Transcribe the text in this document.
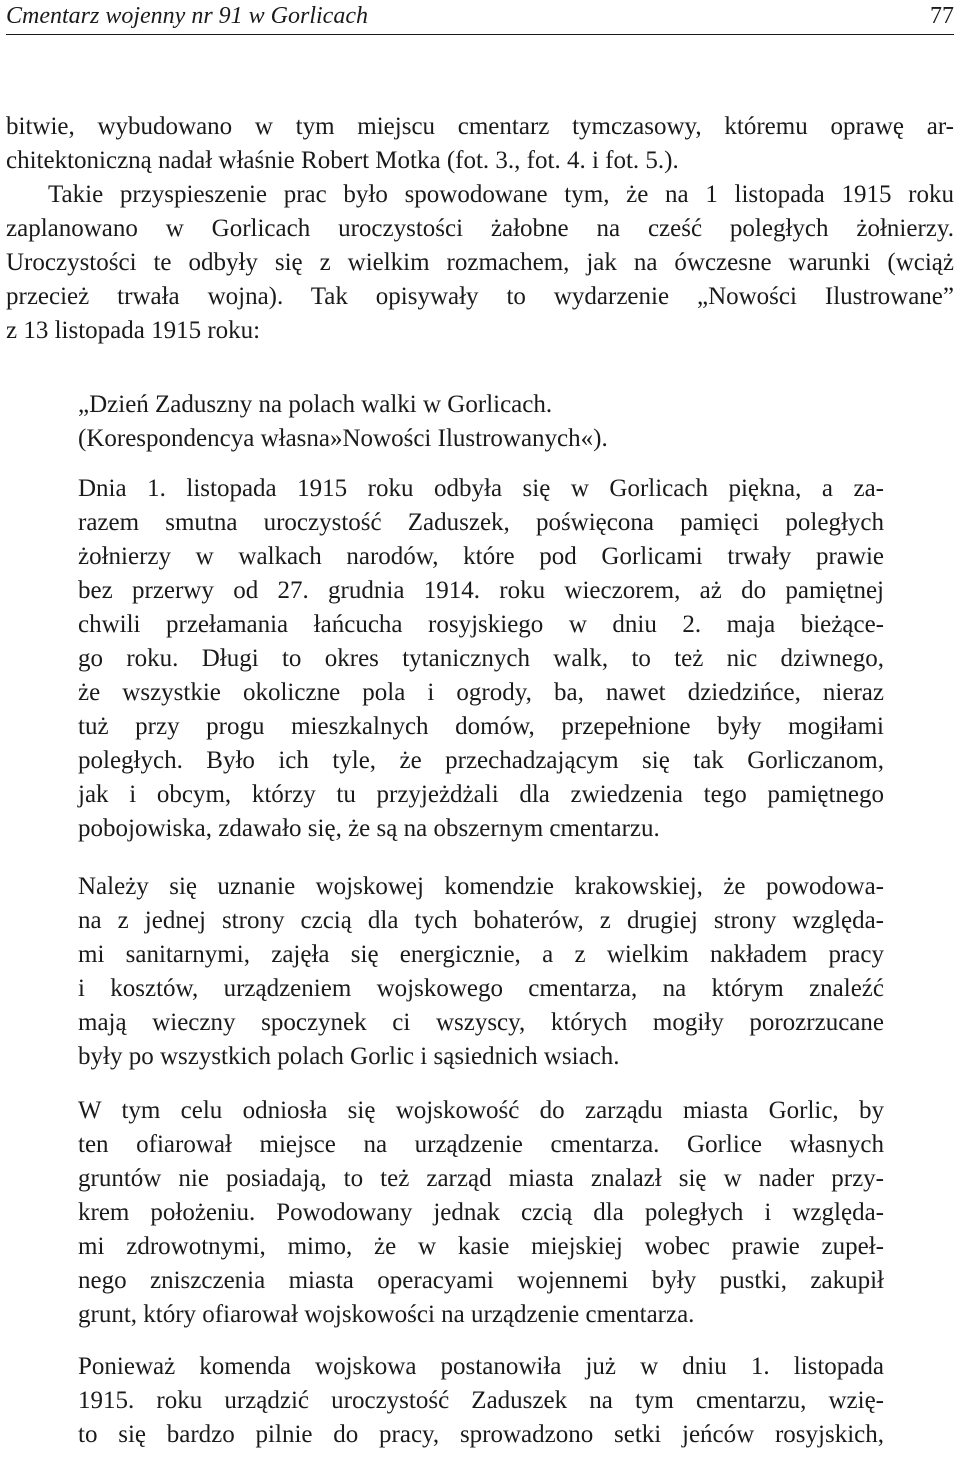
Cmentarz wojenny nr 91 w Gorlicach	77
bitwie, wybudowano w tym miejscu cmentarz tymczasowy, któremu oprawę ar-
chitektoniczną nadał właśnie Robert Motka (fot. 3., fot. 4. i fot. 5.).
Takie przyspieszenie prac było spowodowane tym, że na 1 listopada 1915 roku
zaplanowano w Gorlicach uroczystości żałobne na cześć poległych żołnierzy.
Uroczystości te odbyły się z wielkim rozmachem, jak na ówczesne warunki (wciąż
przecież trwała wojna). Tak opisywały to wydarzenie „Nowości Ilustrowane”
z 13 listopada 1915 roku:
„Dzień Zaduszny na polach walki w Gorlicach.
(Korespondencya własna»Nowości Ilustrowanych«).
Dnia 1. listopada 1915 roku odbyła się w Gorlicach piękna, a za-
razem smutna uroczystość Zaduszek, poświęcona pamięci poległych
żołnierzy w walkach narodów, które pod Gorlicami trwały prawie
bez przerwy od 27. grudnia 1914. roku wieczorem, aż do pamiętnej
chwili przełamania łańcucha rosyjskiego w dniu 2. maja bieżące-
go roku. Długi to okres tytanicznych walk, to też nic dziwnego,
że wszystkie okoliczne pola i ogrody, ba, nawet dziedzińce, nieraz
tuż przy progu mieszkalnych domów, przepełnione były mogiłami
poległych. Było ich tyle, że przechadzającym się tak Gorliczanom,
jak i obcym, którzy tu przyjeżdżali dla zwiedzenia tego pamiętnego
pobojowiska, zdawało się, że są na obszernym cmentarzu.
Należy się uznanie wojskowej komendzie krakowskiej, że powodowa-
na z jednej strony czcią dla tych bohaterów, z drugiej strony względa-
mi sanitarnymi, zajęła się energicznie, a z wielkim nakładem pracy
i kosztów, urządzeniem wojskowego cmentarza, na którym znaleźć
mają wieczny spoczynek ci wszyscy, których mogiły porozrzucane
były po wszystkich polach Gorlic i sąsiednich wsiach.
W tym celu odniosła się wojskowość do zarządu miasta Gorlic, by
ten ofiarował miejsce na urządzenie cmentarza. Gorlice własnych
gruntów nie posiadają, to też zarząd miasta znalazł się w nader przy-
krem położeniu. Powodowany jednak czcią dla poległych i względa-
mi zdrowotnymi, mimo, że w kasie miejskiej wobec prawie zupeł-
nego zniszczenia miasta operacyami wojennemi były pustki, zakupił
grunt, który ofiarował wojskowości na urządzenie cmentarza.
Ponieważ komenda wojskowa postanowiła już w dniu 1. listopada
1915. roku urządzić uroczystość Zaduszek na tym cmentarzu, wzię-
to się bardzo pilnie do pracy, sprowadzono setki jeńców rosyjskich,
